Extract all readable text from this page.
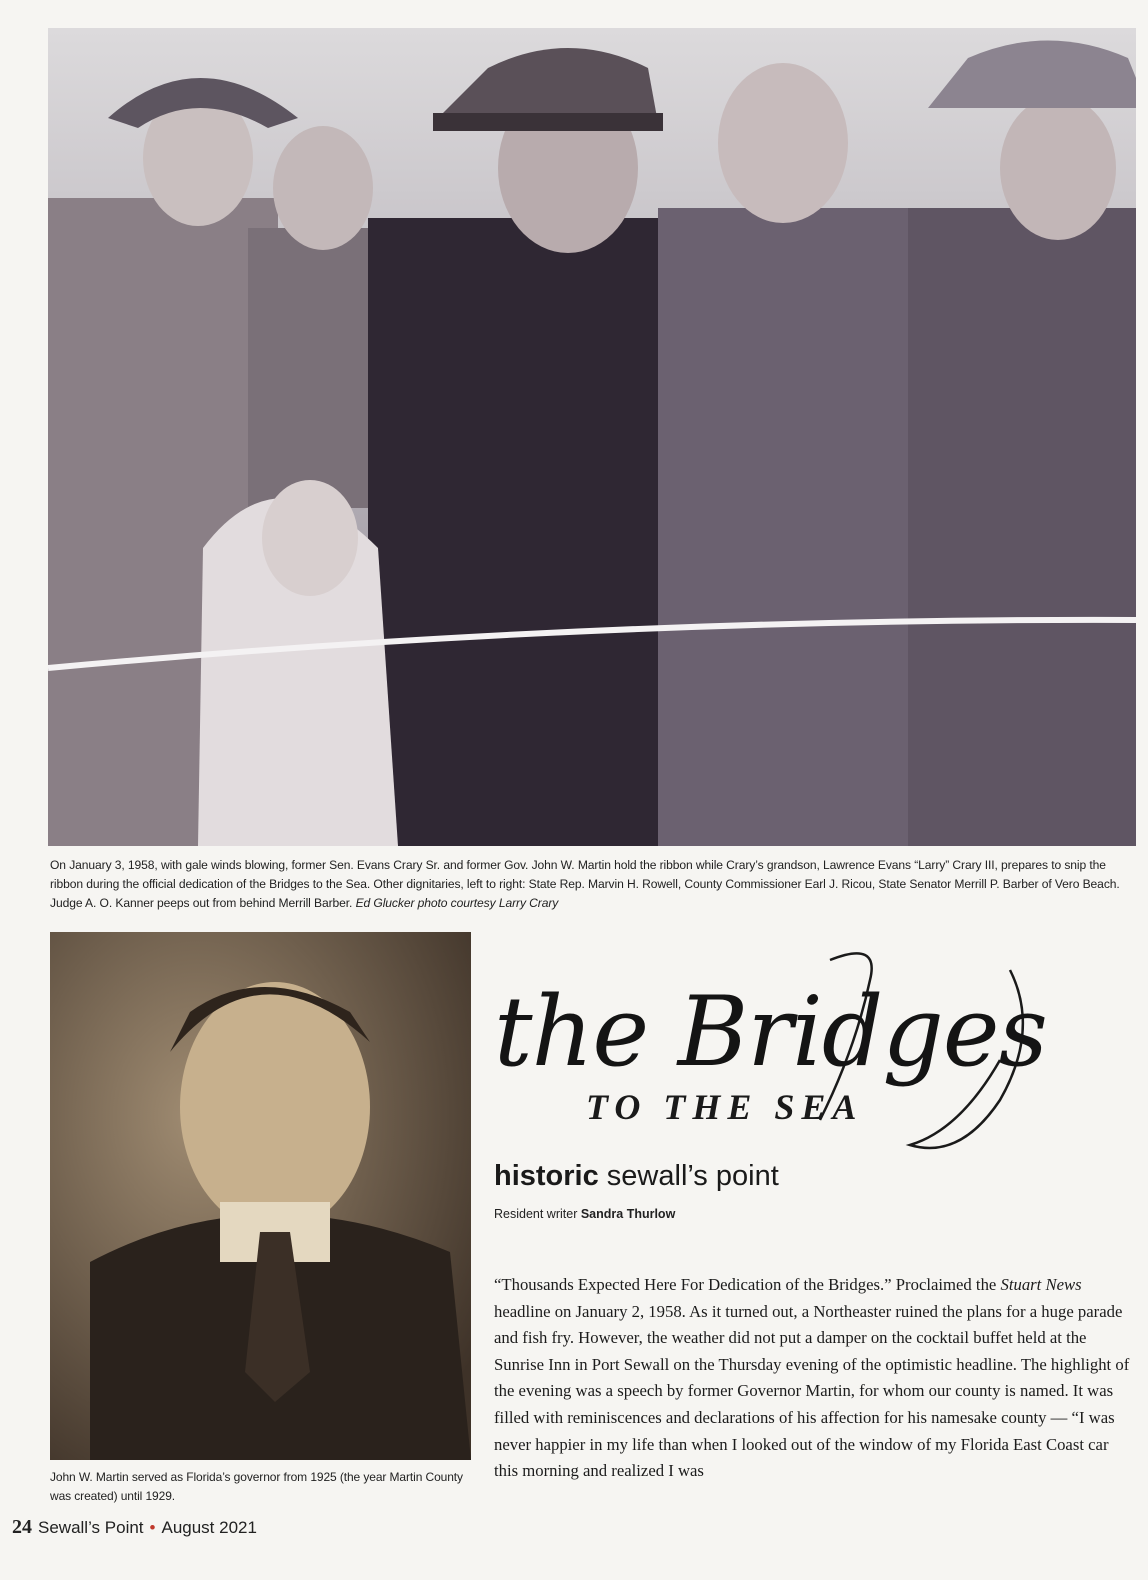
On January 3, 1958, with gale winds blowing, former Sen. Evans Crary Sr. and former Gov. John W. Martin hold the ribbon while Crary’s grandson, Lawrence Evans “Larry” Crary III, prepares to snip the ribbon during the official dedication of the Bridges to the Sea. Other dignitaries, left to right: State Rep. Marvin H. Rowell, County Commissioner Earl J. Ricou, State Senator Merrill P. Barber of Vero Beach. Judge A. O. Kanner peeps out from behind Merrill Barber. Ed Glucker photo courtesy Larry Crary
John W. Martin served as Florida’s governor from 1925 (the year Martin County was created) until 1929.
the Bridges
TO THE SEA
historic sewall’s point
Resident writer Sandra Thurlow

“Thousands Expected Here For Dedication of the Bridges.” Proclaimed the Stuart News headline on January 2, 1958. As it turned out, a Northeaster ruined the plans for a huge parade and fish fry. However, the weather did not put a damper on the cocktail buffet held at the Sunrise Inn in Port Sewall on the Thursday evening of the optimistic headline. The highlight of the evening was a speech by former Governor Martin, for whom our county is named. It was filled with reminiscences and declarations of his affection for his namesake county — “I was never happier in my life than when I looked out of the window of my Florida East Coast car this morning and realized I was

24 Sewall’s Point • August 2021
